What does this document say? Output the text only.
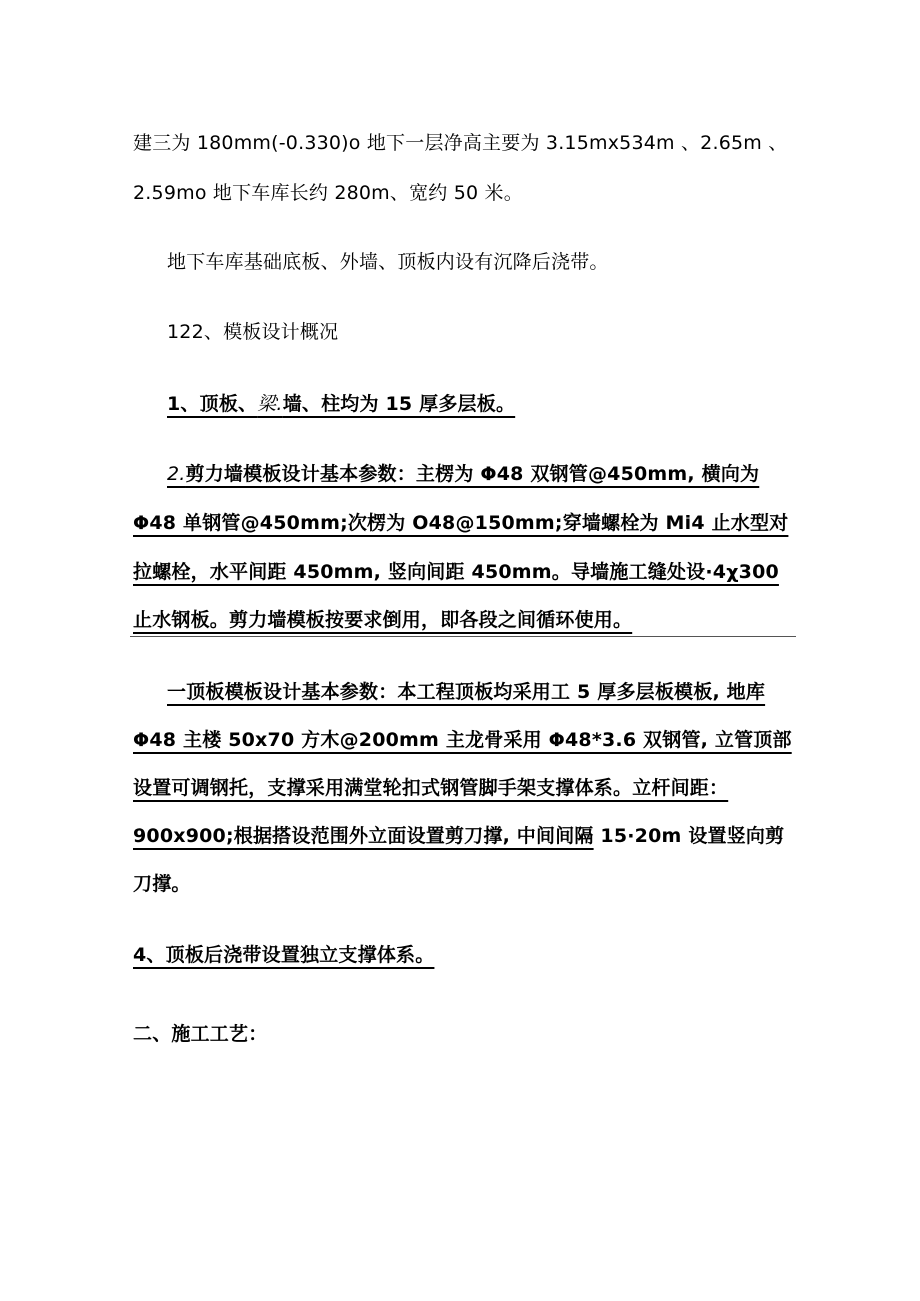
建三为 180mm(-0.330)o 地下一层净高主要为 3.15mx534m 、2.65m 、
2.59mo 地下车库长约 280m、宽约 50 米。
地下车库基础底板、外墙、顶板内设有沉降后浇带。
122、模板设计概况
1、顶板、梁.墙、柱均为 15 厚多层板。
2.剪力墙模板设计基本参数：主楞为 Φ48 双钢管@450mm, 横向为
Φ48 单钢管@450mm;次楞为 O48@150mm;穿墙螺栓为 Mi4 止水型对
拉螺栓，水平间距 450mm, 竖向间距 450mm。导墙施工缝处设·4χ300
止水钢板。剪力墙模板按要求倒用，即各段之间循环使用。
一顶板模板设计基本参数：本工程顶板均采用工 5 厚多层板模板, 地库
Φ48 主楼 50x70 方木@200mm 主龙骨采用 Φ48*3.6 双钢管, 立管顶部
设置可调钢托，支撑采用满堂轮扣式钢管脚手架支撑体系。立杆间距：
900x900;根据搭设范围外立面设置剪刀撑, 中间间隔 15·20m 设置竖向剪
刀撑。
4、顶板后浇带设置独立支撑体系。
二、施工工艺：
